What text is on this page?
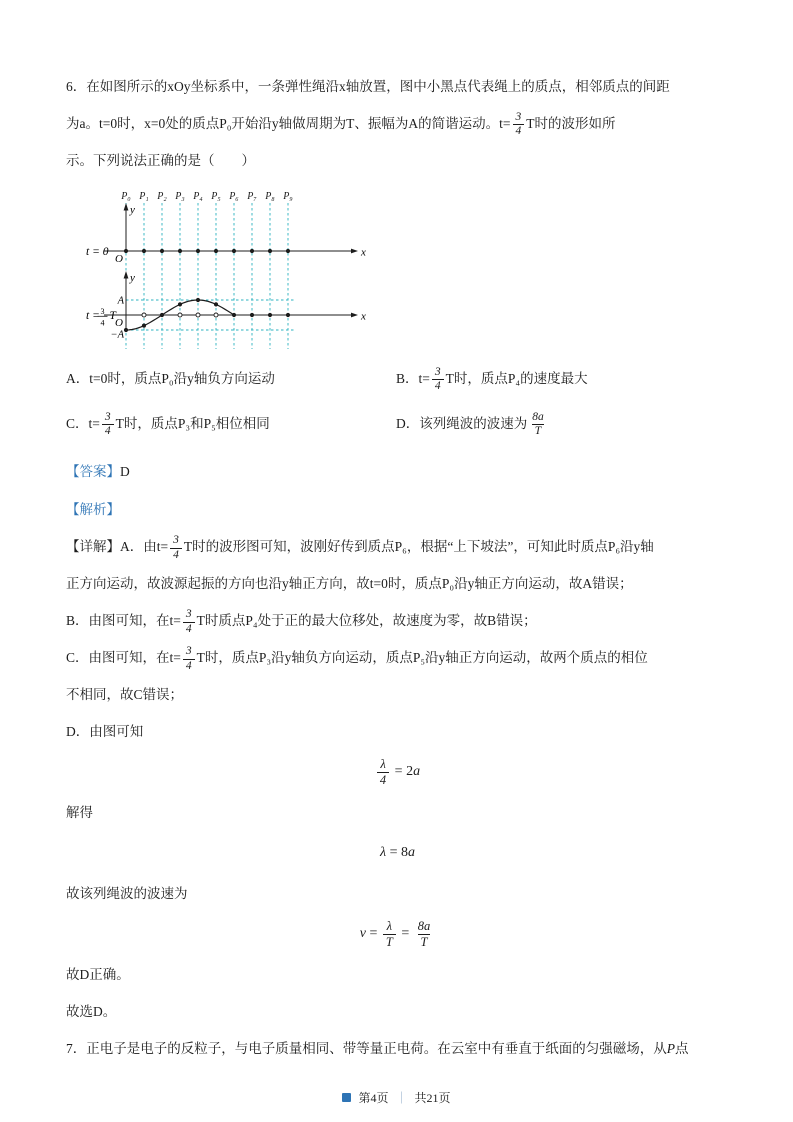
6．在如图所示的xOy坐标系中，一条弹性绳沿x轴放置，图中小黑点代表绳上的质点，相邻质点的间距

为a。t=0时，x=0处的质点P₀开始沿y轴做周期为T、振幅为A的简谐运动。$t= \frac{3}{4}$ T时的波形如所

示。下列说法正确的是（　　）

P₀ P₁ P₂ P₃ P₄ P₅ P₆ P₇ P₈ P₉
y
x
O
t = 0
y
x
O
A
−A
t = 3
4
T

A．t=0时，质点P₀沿y轴负方向运动	B．$t= \frac{3}{4}$ T时，质点P₄的速度最大

C．$t= \frac{3}{4}$ T时，质点P₃和P₅相位相同	D．该列绳波的波速为 $\frac{8a}{T}$

【答案】D

【解析】

【详解】A．由$t= \frac{3}{4}$ T时的波形图可知，波刚好传到质点P₆，根据“上下坡法”，可知此时质点P₆沿y轴

正方向运动，故波源起振的方向也沿y轴正方向，故t=0时，质点P₀沿y轴正方向运动，故A错误；

B．由图可知，在$t= \frac{3}{4}$ T时质点P₄处于正的最大位移处，故速度为零，故B错误；

C．由图可知，在$t= \frac{3}{4}$ T时，质点P₃沿y轴负方向运动，质点P₅沿y轴正方向运动，故两个质点的相位

不相同，故C错误；

D．由图可知

$\frac{\lambda}{4} = 2a$

解得

λ = 8a

故该列绳波的波速为

$v = \frac{\lambda}{T} = \frac{8a}{T}$

故D正确。

故选D。

7．正电子是电子的反粒子，与电子质量相同、带等量正电荷。在云室中有垂直于纸面的匀强磁场，从P点

第4页 ｜ 共21页
